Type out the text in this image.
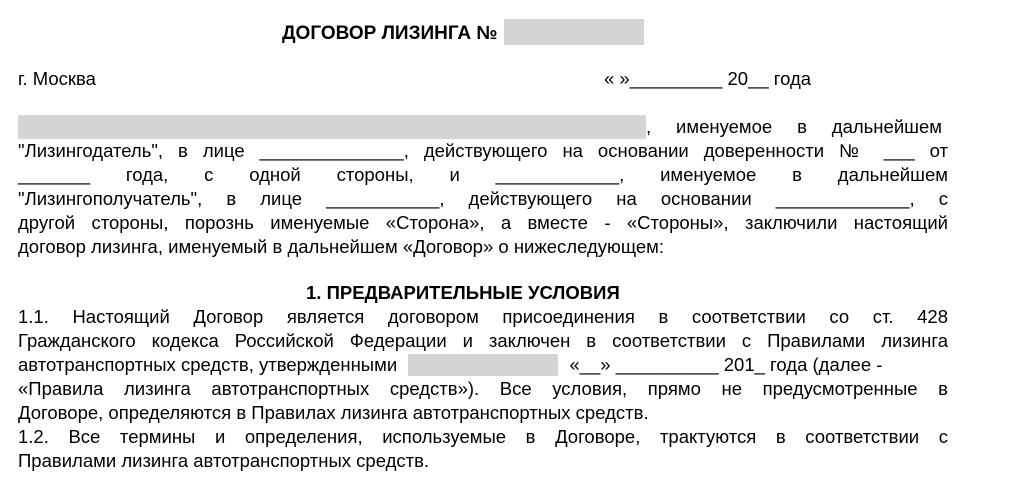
ДОГОВОР ЛИЗИНГА №
г. Москва	« »_________ 20__ года
, именуемое в дальнейшем
"Лизингодатель", в лице ______________, действующего на основании доверенности № ___ от
_______ года, с одной стороны, и ____________, именуемое в дальнейшем
"Лизингополучатель", в лице ___________, действующего на основании _____________, с
другой стороны, порознь именуемые «Сторона», а вместе - «Стороны», заключили настоящий
договор лизинга, именуемый в дальнейшем «Договор» о нижеследующем:
1. ПРЕДВАРИТЕЛЬНЫЕ УСЛОВИЯ
1.1. Настоящий Договор является договором присоединения в соответствии со ст. 428
Гражданского кодекса Российской Федерации и заключен в соответствии с Правилами лизинга
автотранспортных средств, утвержденными	«__» __________ 201_ года (далее -
«Правила лизинга автотранспортных средств»). Все условия, прямо не предусмотренные в
Договоре, определяются в Правилах лизинга автотранспортных средств.
1.2. Все термины и определения, используемые в Договоре, трактуются в соответствии с
Правилами лизинга автотранспортных средств.
